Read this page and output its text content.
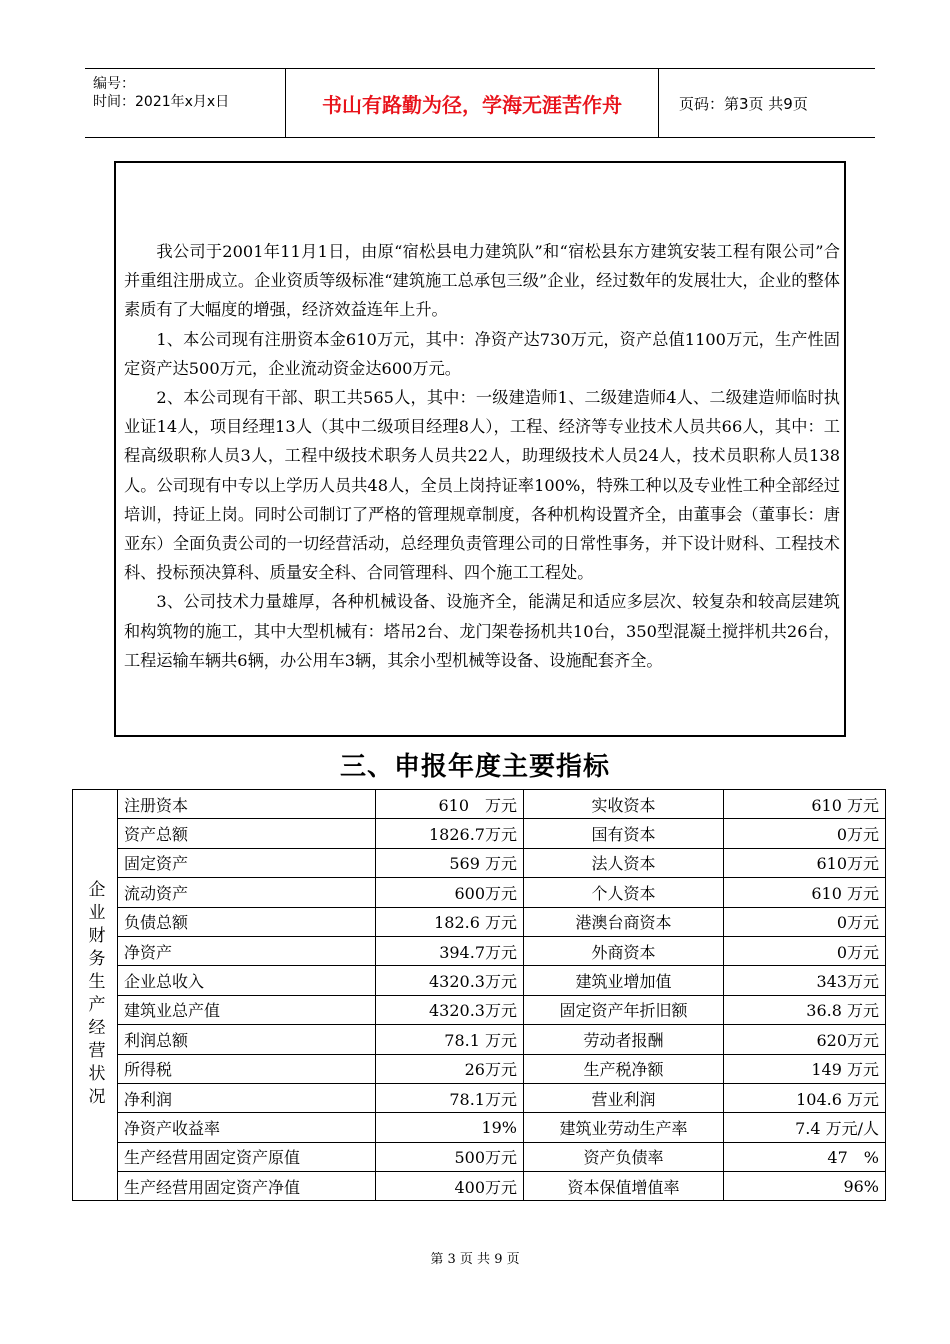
编号：
时间：2021年x月x日	书山有路勤为径，学海无涯苦作舟	页码：第3页 共9页

我公司于2001年11月1日，由原“宿松县电力建筑队”和“宿松县东方建筑安装工程有限公司”合并重组注册成立。企业资质等级标准“建筑施工总承包三级”企业，经过数年的发展壮大，企业的整体素质有了大幅度的增强，经济效益连年上升。

1、本公司现有注册资本金610万元，其中：净资产达730万元，资产总值1100万元，生产性固定资产达500万元，企业流动资金达600万元。

2、本公司现有干部、职工共565人，其中：一级建造师1、二级建造师4人、二级建造师临时执业证14人，项目经理13人（其中二级项目经理8人），工程、经济等专业技术人员共66人，其中：工程高级职称人员3人，工程中级技术职务人员共22人，助理级技术人员24人，技术员职称人员138人。公司现有中专以上学历人员共48人，全员上岗持证率100%，特殊工种以及专业性工种全部经过培训，持证上岗。同时公司制订了严格的管理规章制度，各种机构设置齐全，由董事会（董事长：唐亚东）全面负责公司的一切经营活动，总经理负责管理公司的日常性事务，并下设计财科、工程技术科、投标预决算科、质量安全科、合同管理科、四个施工工程处。

3、公司技术力量雄厚，各种机械设备、设施齐全，能满足和适应多层次、较复杂和较高层建筑和构筑物的施工，其中大型机械有：塔吊2台、龙门架卷扬机共10台，350型混凝土搅拌机共26台，工程运输车辆共6辆，办公用车3辆，其余小型机械等设备、设施配套齐全。

三、申报年度主要指标
企业财务生产经营状况	注册资本	610　万元	实收资本	610 万元
	资产总额	1826.7万元	国有资本	0万元
	固定资产	569 万元	法人资本	610万元
	流动资产	600万元	个人资本	610 万元
	负债总额	182.6 万元	港澳台商资本	0万元
	净资产	394.7万元	外商资本	0万元
	企业总收入	4320.3万元	建筑业增加值	343万元
	建筑业总产值	4320.3万元	固定资产年折旧额	36.8 万元
	利润总额	78.1 万元	劳动者报酬	620万元
	所得税	26万元	生产税净额	149 万元
	净利润	78.1万元	营业利润	104.6 万元
	净资产收益率	19%	建筑业劳动生产率	7.4 万元/人
	生产经营用固定资产原值	500万元	资产负债率	47　%
	生产经营用固定资产净值	400万元	资本保值增值率	96%
第 3 页 共 9 页
